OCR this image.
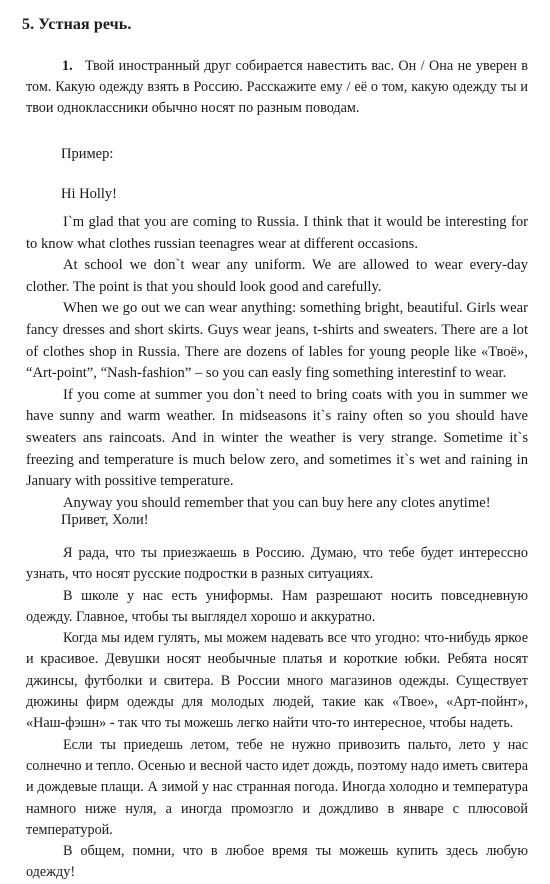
5. Устная речь.
1. Твой иностранный друг собирается навестить вас. Он / Она не уверен в том. Какую одежду взять в Россию. Расскажите ему / её о том, какую одежду ты и твои одноклассники обычно носят по разным поводам.

Пример:
Hi Holly!

I`m glad that you are coming to Russia. I think that it would be interesting for to know what clothes russian teenagres wear at different occasions.

At school we don`t wear any uniform. We are allowed to wear every-day clother. The point is that you should look good and carefully.

When we go out we can wear anything: something bright, beautiful. Girls wear fancy dresses and short skirts. Guys wear jeans, t-shirts and sweaters. There are a lot of clothes shop in Russia. There are dozens of lables for young people like «Твоё», “Art-point”, “Nash-fashion” – so you can easly fing something interestinf to wear.

If you come at summer you don`t need to bring coats with you in summer we have sunny and warm weather. In midseasons it`s rainy often so you should have sweaters ans raincoats. And in winter the weather is very strange. Sometime it`s freezing and temperature is much below zero, and sometimes it`s wet and raining in January with possitive temperature.

Anyway you should remember that you can buy here any clotes anytime!

Привет, Холи!

Я рада, что ты приезжаешь в Россию. Думаю, что тебе будет интерессно узнать, что носят русские подростки в разных ситуациях.

В школе у нас есть униформы. Нам разрешают носить повседневную одежду. Главное, чтобы ты выглядел хорошо и аккуратно.

Когда мы идем гулять, мы можем надевать все что угодно: что-нибудь яркое и красивое. Девушки носят необычные платья и короткие юбки. Ребята носят джинсы, футболки и свитера. В России много магазинов одежды. Существует дюжины фирм одежды для молодых людей, такие как «Твое», «Арт-пойнт», «Наш-фэшн» - так что ты можешь легко найти что-то интересное, чтобы надеть.

Если ты приедешь летом, тебе не нужно привозить пальто, лето у нас солнечно и тепло. Осенью и весной часто идет дождь, поэтому надо иметь свитера и дождевые плащи. А зимой у нас странная погода. Иногда холодно и температура намного ниже нуля, а иногда промозгло и дождливо в январе с плюсовой температурой.

В общем, помни, что в любое время ты можешь купить здесь любую одежду!
